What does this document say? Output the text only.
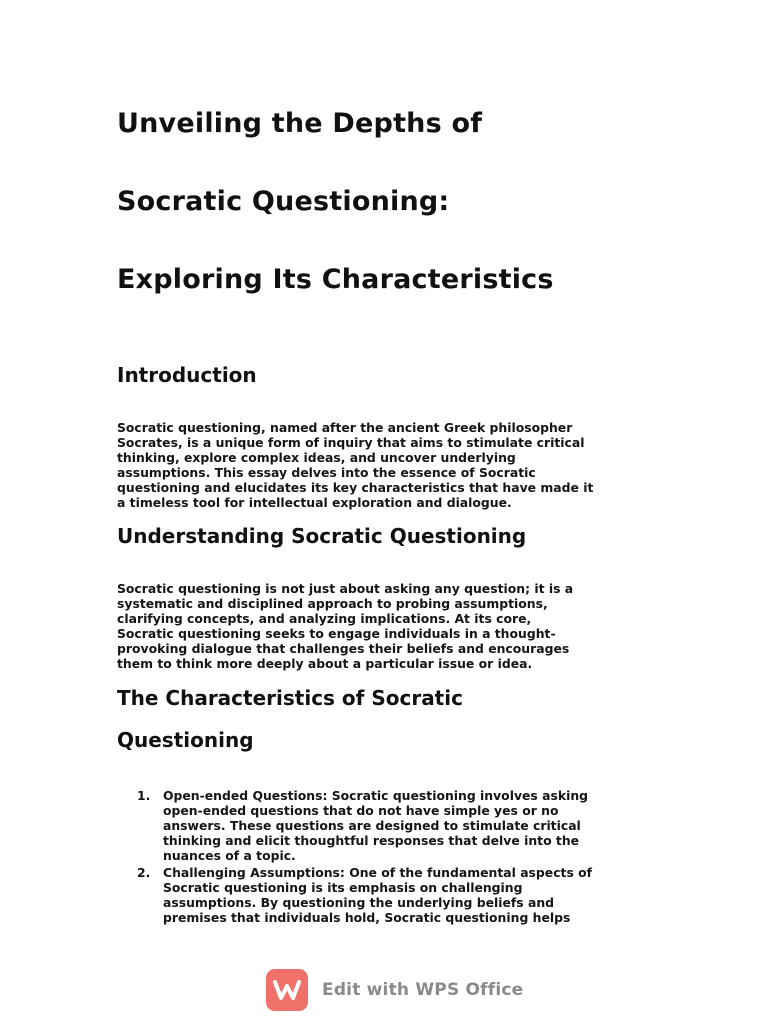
Unveiling the Depths of
Socratic Questioning:
Exploring Its Characteristics
Introduction
Socratic questioning, named after the ancient Greek philosopher
Socrates, is a unique form of inquiry that aims to stimulate critical
thinking, explore complex ideas, and uncover underlying
assumptions. This essay delves into the essence of Socratic
questioning and elucidates its key characteristics that have made it
a timeless tool for intellectual exploration and dialogue.
Understanding Socratic Questioning
Socratic questioning is not just about asking any question; it is a
systematic and disciplined approach to probing assumptions,
clarifying concepts, and analyzing implications. At its core,
Socratic questioning seeks to engage individuals in a thought-
provoking dialogue that challenges their beliefs and encourages
them to think more deeply about a particular issue or idea.
The Characteristics of Socratic
Questioning
1. Open-ended Questions: Socratic questioning involves asking
open-ended questions that do not have simple yes or no
answers. These questions are designed to stimulate critical
thinking and elicit thoughtful responses that delve into the
nuances of a topic.
2. Challenging Assumptions: One of the fundamental aspects of
Socratic questioning is its emphasis on challenging
assumptions. By questioning the underlying beliefs and
premises that individuals hold, Socratic questioning helps
Edit with WPS Office
